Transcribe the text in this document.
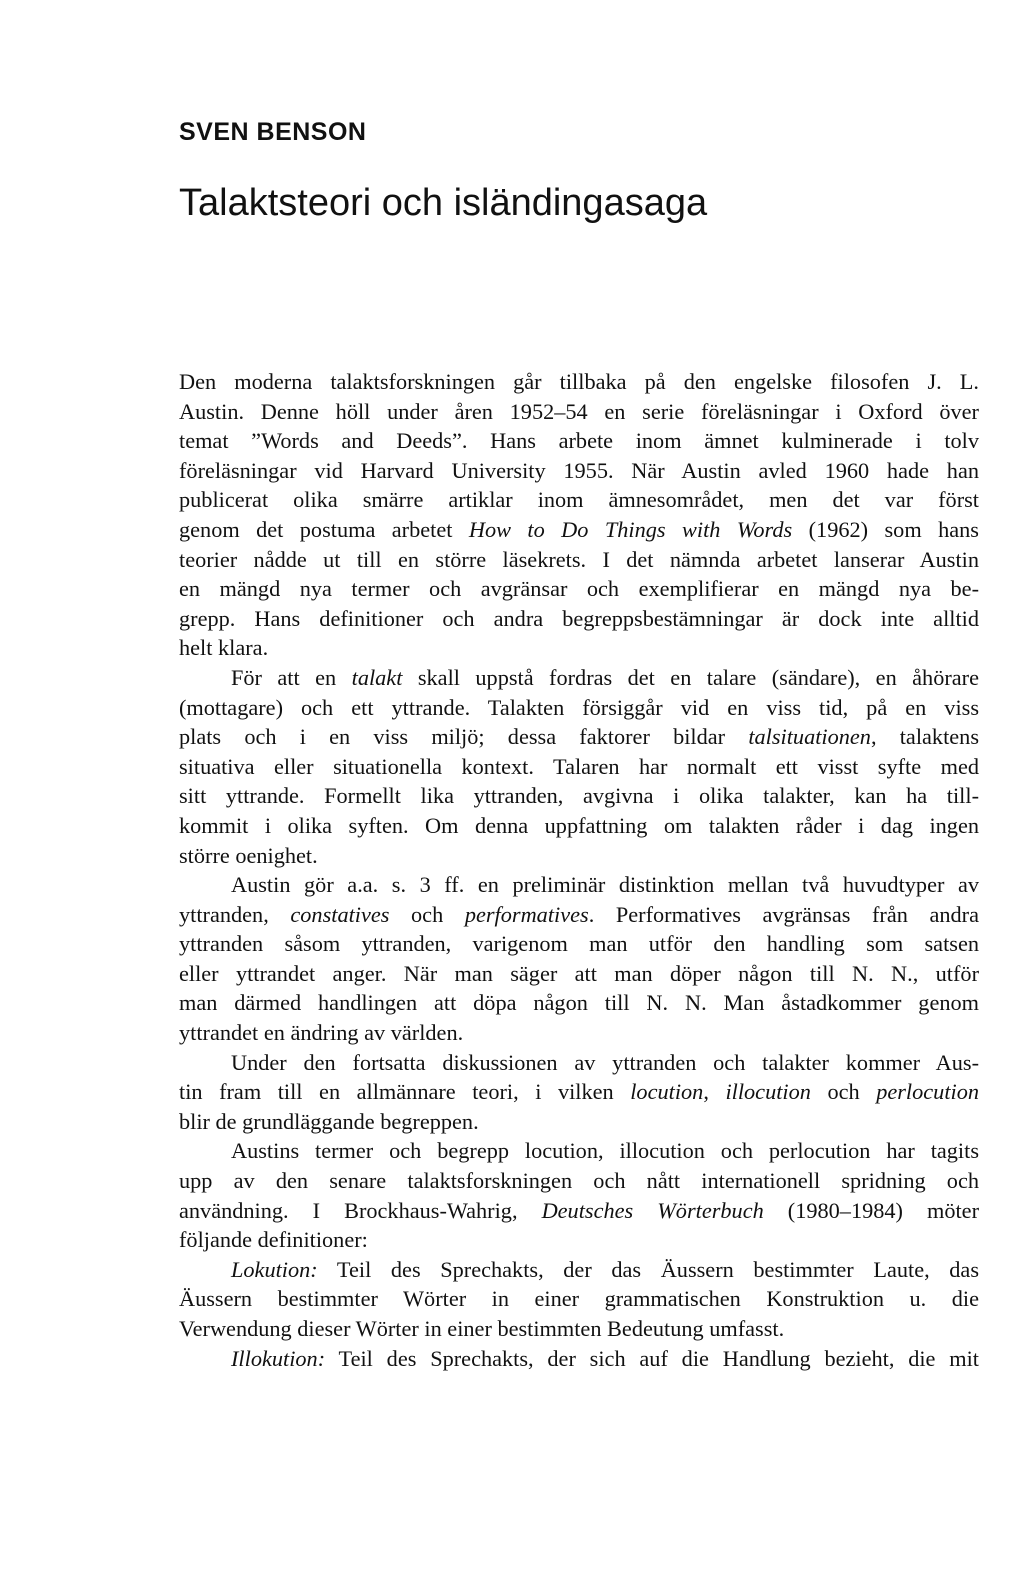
SVEN BENSON
Talaktsteori och isländingasaga

Den moderna talaktsforskningen går tillbaka på den engelske filosofen J. L.
Austin. Denne höll under åren 1952–54 en serie föreläsningar i Oxford över
temat ”Words and Deeds”. Hans arbete inom ämnet kulminerade i tolv
föreläsningar vid Harvard University 1955. När Austin avled 1960 hade han
publicerat olika smärre artiklar inom ämnesområdet, men det var först
genom det postuma arbetet How to Do Things with Words (1962) som hans
teorier nådde ut till en större läsekrets. I det nämnda arbetet lanserar Austin
en mängd nya termer och avgränsar och exemplifierar en mängd nya be-
grepp. Hans definitioner och andra begreppsbestämningar är dock inte alltid
helt klara.

För att en talakt skall uppstå fordras det en talare (sändare), en åhörare
(mottagare) och ett yttrande. Talakten försiggår vid en viss tid, på en viss
plats och i en viss miljö; dessa faktorer bildar talsituationen, talaktens
situativa eller situationella kontext. Talaren har normalt ett visst syfte med
sitt yttrande. Formellt lika yttranden, avgivna i olika talakter, kan ha till-
kommit i olika syften. Om denna uppfattning om talakten råder i dag ingen
större oenighet.

Austin gör a.a. s. 3 ff. en preliminär distinktion mellan två huvudtyper av
yttranden, constatives och performatives. Performatives avgränsas från andra
yttranden såsom yttranden, varigenom man utför den handling som satsen
eller yttrandet anger. När man säger att man döper någon till N. N., utför
man därmed handlingen att döpa någon till N. N. Man åstadkommer genom
yttrandet en ändring av världen.

Under den fortsatta diskussionen av yttranden och talakter kommer Aus-
tin fram till en allmännare teori, i vilken locution, illocution och perlocution
blir de grundläggande begreppen.

Austins termer och begrepp locution, illocution och perlocution har tagits
upp av den senare talaktsforskningen och nått internationell spridning och
användning. I Brockhaus-Wahrig, Deutsches Wörterbuch (1980–1984) möter
följande definitioner:

Lokution: Teil des Sprechakts, der das Äussern bestimmter Laute, das
Äussern bestimmter Wörter in einer grammatischen Konstruktion u. die
Verwendung dieser Wörter in einer bestimmten Bedeutung umfasst.

Illokution: Teil des Sprechakts, der sich auf die Handlung bezieht, die mit
